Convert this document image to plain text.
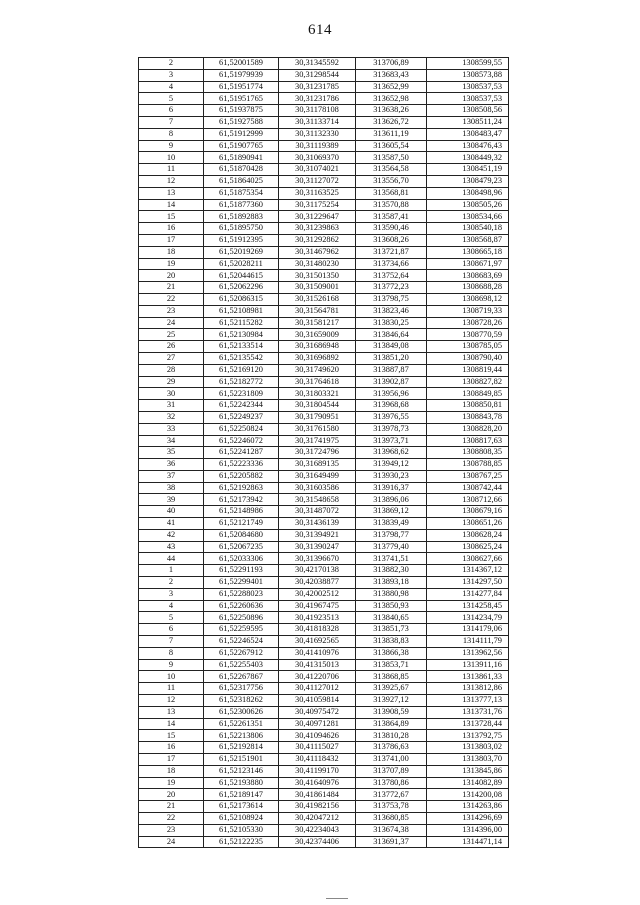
614
2	61,52001589	30,31345592	313706,89	1308599,55
3	61,51979939	30,31298544	313683,43	1308573,88
4	61,51951774	30,31231785	313652,99	1308537,53
5	61,51951765	30,31231786	313652,98	1308537,53
6	61,51937875	30,31178108	313638,26	1308508,56
7	61,51927588	30,31133714	313626,72	1308511,24
8	61,51912999	30,31132330	313611,19	1308483,47
9	61,51907765	30,31119389	313605,54	1308476,43
10	61,51890941	30,31069370	313587,50	1308449,32
11	61,51870428	30,31074021	313564,58	1308451,19
12	61,51864025	30,31127072	313556,70	1308479,23
13	61,51875354	30,31163525	313568,81	1308498,96
14	61,51877360	30,31175254	313570,88	1308505,26
15	61,51892883	30,31229647	313587,41	1308534,66
16	61,51895750	30,31239863	313590,46	1308540,18
17	61,51912395	30,31292862	313608,26	1308568,87
18	61,52019269	30,31467962	313721,87	1308665,18
19	61,52028211	30,31480230	313734,66	1308671,97
20	61,52044615	30,31501350	313752,64	1308683,69
21	61,52062296	30,31509001	313772,23	1308688,28
22	61,52086315	30,31526168	313798,75	1308698,12
23	61,52108981	30,31564781	313823,46	1308719,33
24	61,52115282	30,31581217	313830,25	1308728,26
25	61,52130984	30,31659009	313846,64	1308770,59
26	61,52133514	30,31686948	313849,08	1308785,05
27	61,52135542	30,31696892	313851,20	1308790,40
28	61,52169120	30,31749620	313887,87	1308819,44
29	61,52182772	30,31764618	313902,87	1308827,82
30	61,52231809	30,31803321	313956,96	1308849,85
31	61,52242344	30,31804544	313968,68	1308850,81
32	61,52249237	30,31790951	313976,55	1308843,78
33	61,52250824	30,31761580	313978,73	1308828,20
34	61,52246072	30,31741975	313973,71	1308817,63
35	61,52241287	30,31724796	313968,62	1308808,35
36	61,52223336	30,31689135	313949,12	1308788,85
37	61,52205882	30,31649499	313930,23	1308767,25
38	61,52192863	30,31603586	313916,37	1308742,44
39	61,52173942	30,31548658	313896,06	1308712,66
40	61,52148986	30,31487072	313869,12	1308679,16
41	61,52121749	30,31436139	313839,49	1308651,26
42	61,52084680	30,31394921	313798,77	1308628,24
43	61,52067235	30,31390247	313779,40	1308625,24
44	61,52033306	30,31396670	313741,51	1308627,66
1	61,52291193	30,42170138	313882,30	1314367,12
2	61,52299401	30,42038877	313893,18	1314297,50
3	61,52288023	30,42002512	313880,98	1314277,84
4	61,52260636	30,41967475	313850,93	1314258,45
5	61,52250896	30,41923513	313840,65	1314234,79
6	61,52259595	30,41818328	313851,73	1314179,06
7	61,52246524	30,41692565	313838,83	1314111,79
8	61,52267912	30,41410976	313866,38	1313962,56
9	61,52255403	30,41315013	313853,71	1313911,16
10	61,52267867	30,41220706	313868,85	1313861,33
11	61,52317756	30,41127012	313925,67	1313812,86
12	61,52318262	30,41059814	313927,12	1313777,13
13	61,52300626	30,40975472	313908,59	1313731,76
14	61,52261351	30,40971281	313864,89	1313728,44
15	61,52213806	30,41094626	313810,28	1313792,75
16	61,52192814	30,41115027	313786,63	1313803,02
17	61,52151901	30,41118432	313741,00	1313803,70
18	61,52123146	30,41199170	313707,89	1313845,86
19	61,52193880	30,41640976	313780,86	1314082,89
20	61,52189147	30,41861484	313772,67	1314200,08
21	61,52173614	30,41982156	313753,78	1314263,86
22	61,52108924	30,42047212	313680,85	1314296,69
23	61,52105330	30,42234043	313674,38	1314396,00
24	61,52122235	30,42374406	313691,37	1314471,14
